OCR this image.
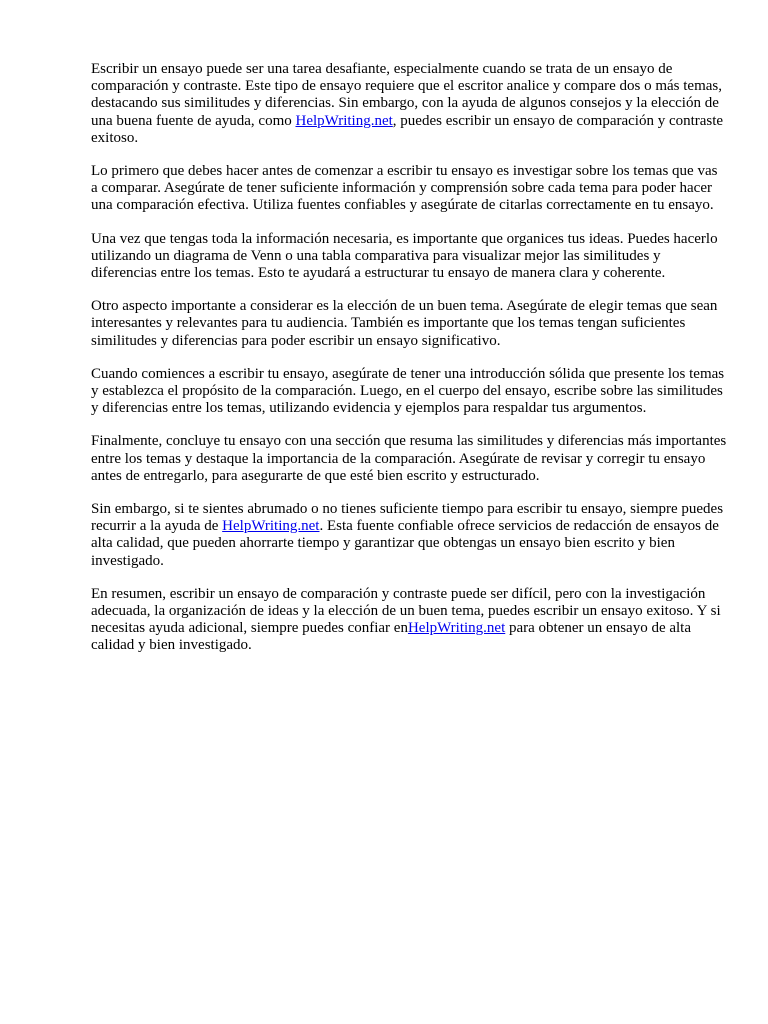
Escribir un ensayo puede ser una tarea desafiante, especialmente cuando se trata de un ensayo de comparación y contraste. Este tipo de ensayo requiere que el escritor analice y compare dos o más temas, destacando sus similitudes y diferencias. Sin embargo, con la ayuda de algunos consejos y la elección de una buena fuente de ayuda, como HelpWriting.net, puedes escribir un ensayo de comparación y contraste exitoso.

Lo primero que debes hacer antes de comenzar a escribir tu ensayo es investigar sobre los temas que vas a comparar. Asegúrate de tener suficiente información y comprensión sobre cada tema para poder hacer una comparación efectiva. Utiliza fuentes confiables y asegúrate de citarlas correctamente en tu ensayo.

Una vez que tengas toda la información necesaria, es importante que organices tus ideas. Puedes hacerlo utilizando un diagrama de Venn o una tabla comparativa para visualizar mejor las similitudes y diferencias entre los temas. Esto te ayudará a estructurar tu ensayo de manera clara y coherente.

Otro aspecto importante a considerar es la elección de un buen tema. Asegúrate de elegir temas que sean interesantes y relevantes para tu audiencia. También es importante que los temas tengan suficientes similitudes y diferencias para poder escribir un ensayo significativo.

Cuando comiences a escribir tu ensayo, asegúrate de tener una introducción sólida que presente los temas y establezca el propósito de la comparación. Luego, en el cuerpo del ensayo, escribe sobre las similitudes y diferencias entre los temas, utilizando evidencia y ejemplos para respaldar tus argumentos.

Finalmente, concluye tu ensayo con una sección que resuma las similitudes y diferencias más importantes entre los temas y destaque la importancia de la comparación. Asegúrate de revisar y corregir tu ensayo antes de entregarlo, para asegurarte de que esté bien escrito y estructurado.

Sin embargo, si te sientes abrumado o no tienes suficiente tiempo para escribir tu ensayo, siempre puedes recurrir a la ayuda de HelpWriting.net. Esta fuente confiable ofrece servicios de redacción de ensayos de alta calidad, que pueden ahorrarte tiempo y garantizar que obtengas un ensayo bien escrito y bien investigado.

En resumen, escribir un ensayo de comparación y contraste puede ser difícil, pero con la investigación adecuada, la organización de ideas y la elección de un buen tema, puedes escribir un ensayo exitoso. Y si necesitas ayuda adicional, siempre puedes confiar enHelpWriting.net para obtener un ensayo de alta calidad y bien investigado.
